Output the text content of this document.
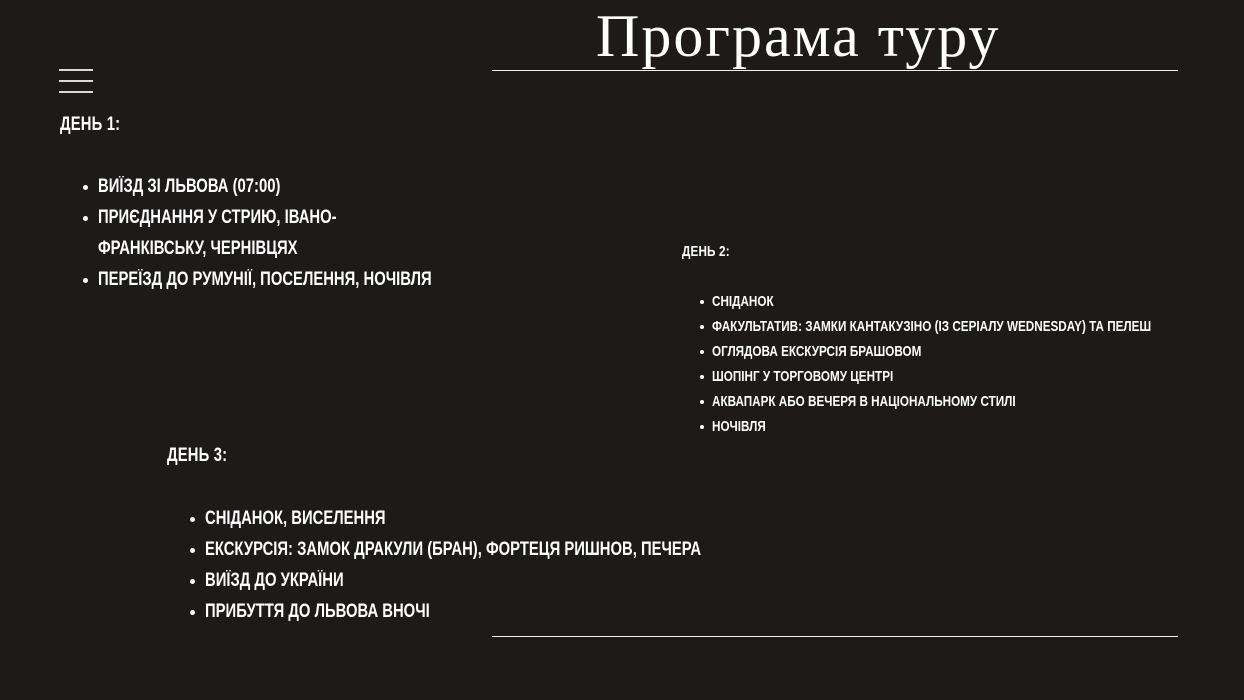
Програма туру
ДЕНЬ 1:
ВИЇЗД ЗІ ЛЬВОВА (07:00)
ПРИЄДНАННЯ У СТРИЮ, ІВАНО-
ФРАНКІВСЬКУ, ЧЕРНІВЦЯХ
ПЕРЕЇЗД ДО РУМУНІЇ, ПОСЕЛЕННЯ, НОЧІВЛЯ
ДЕНЬ 2:
СНІДАНОК
ФАКУЛЬТАТИВ: ЗАМКИ КАНТАКУЗІНО (ІЗ СЕРІАЛУ WEDNESDAY) ТА ПЕЛЕШ
ОГЛЯДОВА ЕКСКУРСІЯ БРАШОВОМ
ШОПІНГ У ТОРГОВОМУ ЦЕНТРІ
АКВАПАРК АБО ВЕЧЕРЯ В НАЦІОНАЛЬНОМУ СТИЛІ
НОЧІВЛЯ
ДЕНЬ 3:
СНІДАНОК, ВИСЕЛЕННЯ
ЕКСКУРСІЯ: ЗАМОК ДРАКУЛИ (БРАН), ФОРТЕЦЯ РИШНОВ, ПЕЧЕРА
ВИЇЗД ДО УКРАЇНИ
ПРИБУТТЯ ДО ЛЬВОВА ВНОЧІ
